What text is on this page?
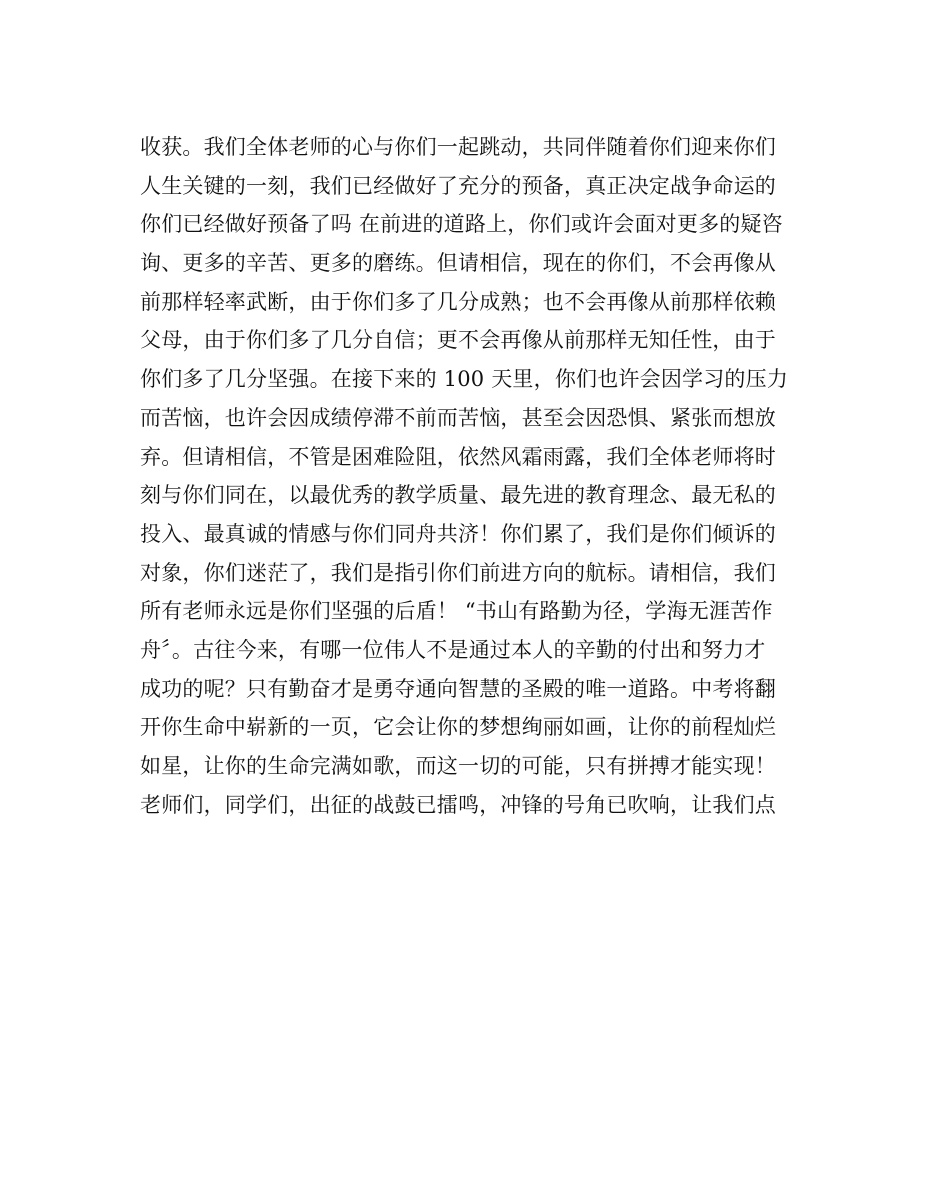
收获。我们全体老师的心与你们一起跳动，共同伴随着你们迎来你们
人生关键的一刻，我们已经做好了充分的预备，真正决定战争命运的
你们已经做好预备了吗 在前进的道路上，你们或许会面对更多的疑咨
询、更多的辛苦、更多的磨练。但请相信，现在的你们，不会再像从
前那样轻率武断，由于你们多了几分成熟；也不会再像从前那样依赖
父母，由于你们多了几分自信；更不会再像从前那样无知任性，由于
你们多了几分坚强。在接下来的 100 天里，你们也许会因学习的压力
而苦恼，也许会因成绩停滞不前而苦恼，甚至会因恐惧、紧张而想放
弃。但请相信，不管是困难险阻，依然风霜雨露，我们全体老师将时
刻与你们同在，以最优秀的教学质量、最先进的教育理念、最无私的
投入、最真诚的情感与你们同舟共济！你们累了，我们是你们倾诉的
对象，你们迷茫了，我们是指引你们前进方向的航标。请相信，我们
所有老师永远是你们坚强的后盾！ “书山有路勤为径，学海无涯苦作
舟〞。古往今来，有哪一位伟人不是通过本人的辛勤的付出和努力才
成功的呢？只有勤奋才是勇夺通向智慧的圣殿的唯一道路。中考将翻
开你生命中崭新的一页，它会让你的梦想绚丽如画，让你的前程灿烂
如星，让你的生命完满如歌，而这一切的可能，只有拼搏才能实现！
老师们，同学们，出征的战鼓已擂鸣，冲锋的号角已吹响，让我们点
